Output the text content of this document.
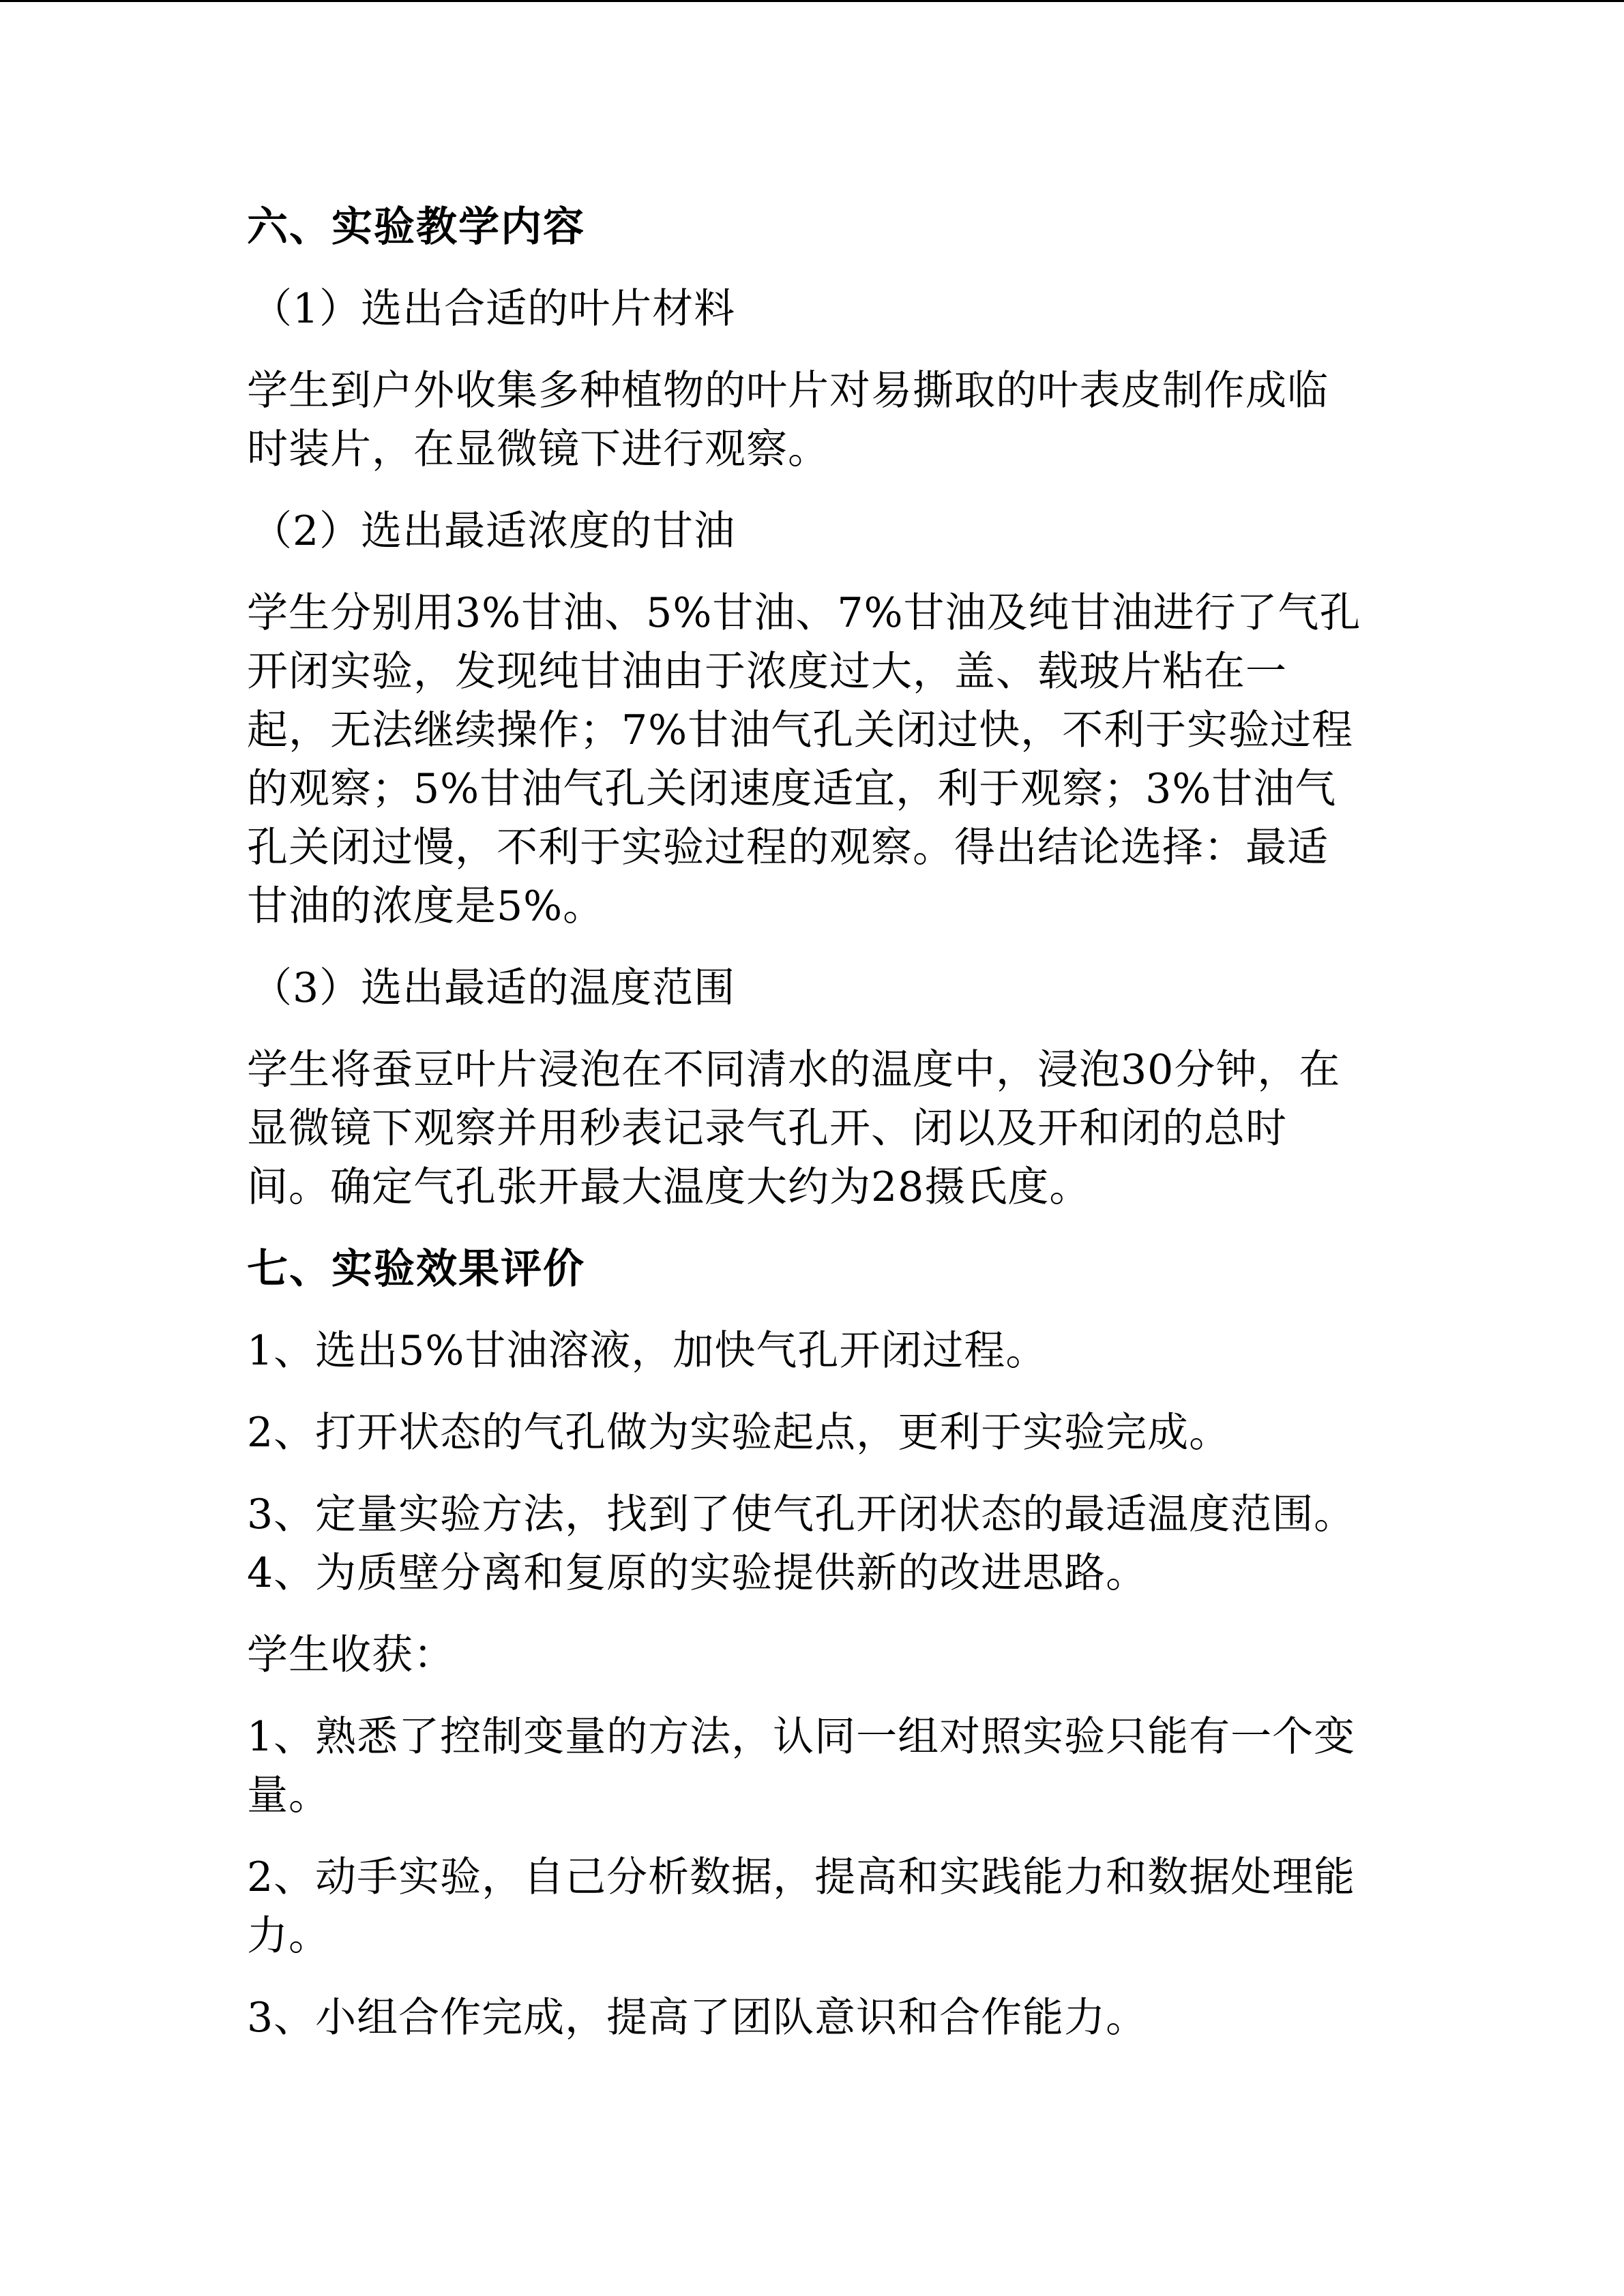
六、实验教学内容
（1）选出合适的叶片材料
学生到户外收集多种植物的叶片对易撕取的叶表皮制作成临时装片，在显微镜下进行观察。
（2）选出最适浓度的甘油
学生分别用3%甘油、5%甘油、7%甘油及纯甘油进行了气孔开闭实验，发现纯甘油由于浓度过大，盖、载玻片粘在一起，无法继续操作；7%甘油气孔关闭过快，不利于实验过程的观察；5%甘油气孔关闭速度适宜，利于观察；3%甘油气孔关闭过慢，不利于实验过程的观察。得出结论选择：最适甘油的浓度是5%。
（3）选出最适的温度范围
学生将蚕豆叶片浸泡在不同清水的温度中，浸泡30分钟，在显微镜下观察并用秒表记录气孔开、闭以及开和闭的总时间。确定气孔张开最大温度大约为28摄氏度。
七、实验效果评价
1、选出5%甘油溶液，加快气孔开闭过程。
2、打开状态的气孔做为实验起点，更利于实验完成。
3、定量实验方法，找到了使气孔开闭状态的最适温度范围。4、为质壁分离和复原的实验提供新的改进思路。
学生收获：
1、熟悉了控制变量的方法，认同一组对照实验只能有一个变量。
2、动手实验，自己分析数据，提高和实践能力和数据处理能力。
3、小组合作完成，提高了团队意识和合作能力。
